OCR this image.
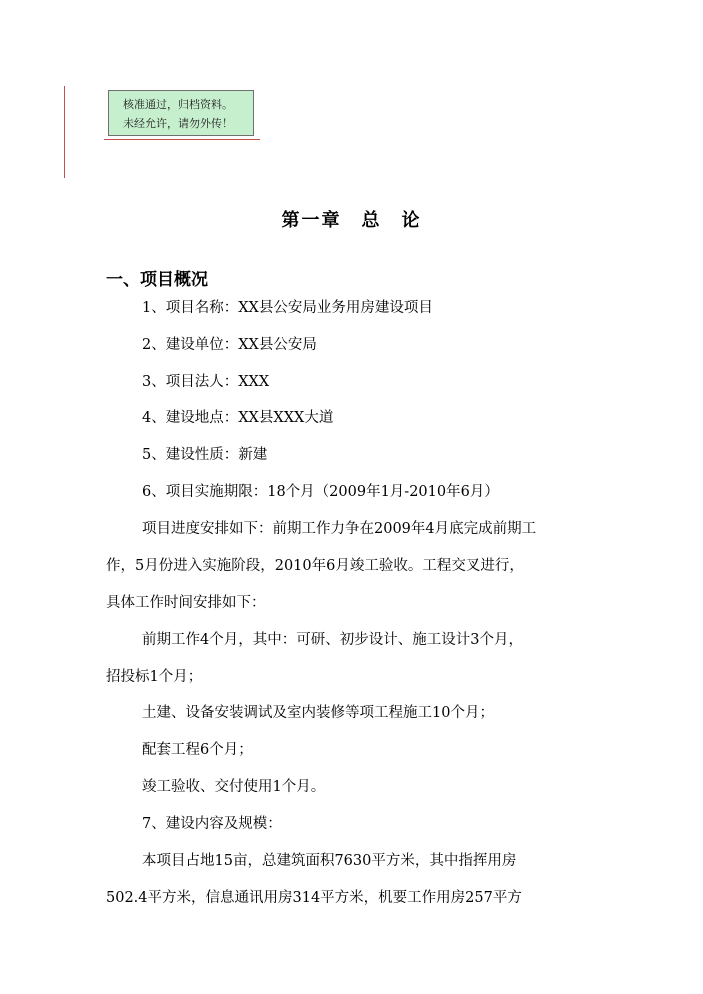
核准通过，归档资料。
未经允许，请勿外传！
第一章　总　论
一、项目概况
1、项目名称：XX县公安局业务用房建设项目
2、建设单位：XX县公安局
3、项目法人：XXX
4、建设地点：XX县XXX大道
5、建设性质：新建
6、项目实施期限：18个月（2009年1月-2010年6月）
项目进度安排如下：前期工作力争在2009年4月底完成前期工
作，5月份进入实施阶段，2010年6月竣工验收。工程交叉进行，
具体工作时间安排如下：
前期工作4个月，其中：可研、初步设计、施工设计3个月，
招投标1个月；
土建、设备安装调试及室内装修等项工程施工10个月；
配套工程6个月；
竣工验收、交付使用1个月。
7、建设内容及规模：
本项目占地15亩，总建筑面积7630平方米，其中指挥用房
502.4平方米，信息通讯用房314平方米，机要工作用房257平方
